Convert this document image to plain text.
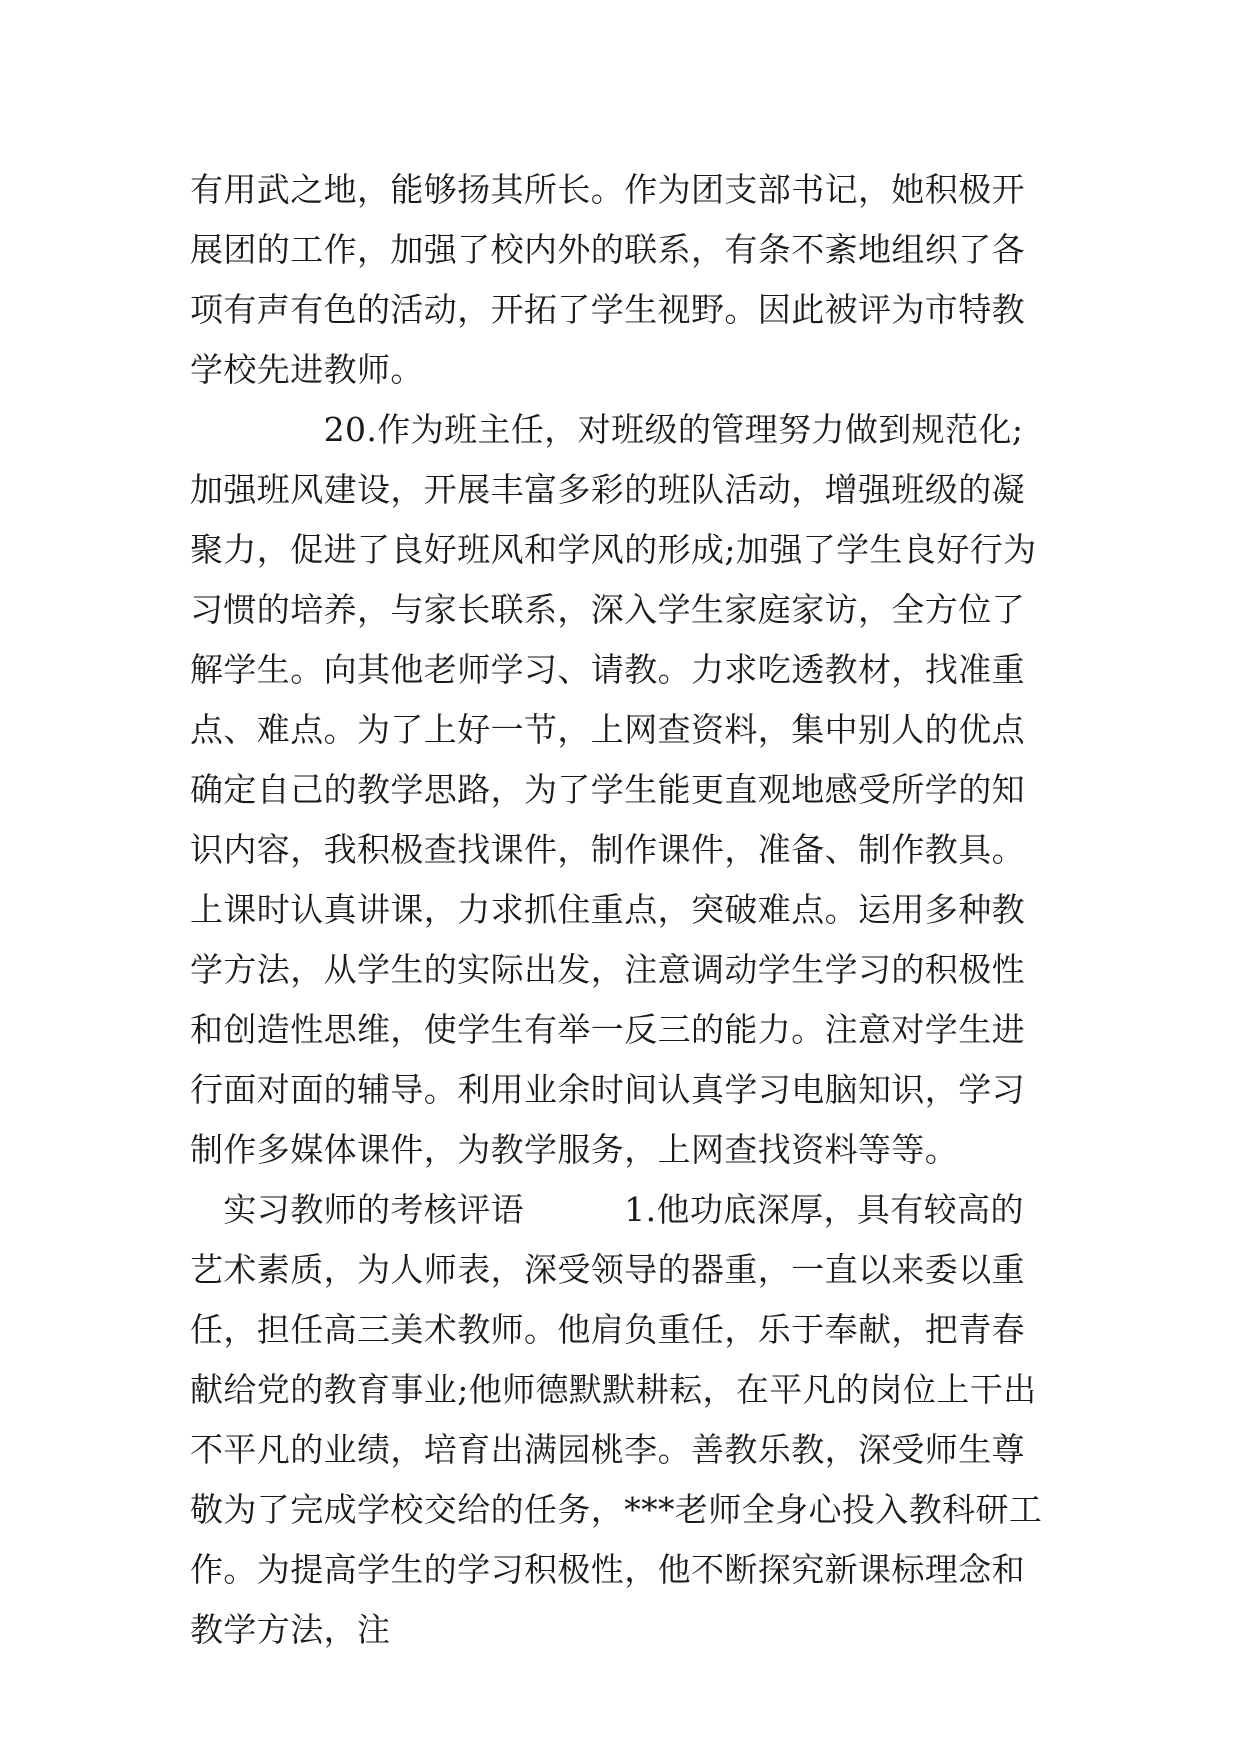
有用武之地，能够扬其所长。作为团支部书记，她积极开展团的工作，加强了校内外的联系，有条不紊地组织了各项有声有色的活动，开拓了学生视野。因此被评为市特教学校先进教师。

　　　　20.作为班主任，对班级的管理努力做到规范化;加强班风建设，开展丰富多彩的班队活动，增强班级的凝聚力，促进了良好班风和学风的形成;加强了学生良好行为习惯的培养，与家长联系，深入学生家庭家访，全方位了解学生。向其他老师学习、请教。力求吃透教材，找准重点、难点。为了上好一节，上网查资料，集中别人的优点确定自己的教学思路，为了学生能更直观地感受所学的知识内容，我积极查找课件，制作课件，准备、制作教具。上课时认真讲课，力求抓住重点，突破难点。运用多种教学方法，从学生的实际出发，注意调动学生学习的积极性和创造性思维，使学生有举一反三的能力。注意对学生进行面对面的辅导。利用业余时间认真学习电脑知识，学习制作多媒体课件，为教学服务，上网查找资料等等。

　实习教师的考核评语　　　1.他功底深厚，具有较高的艺术素质，为人师表，深受领导的器重，一直以来委以重任，担任高三美术教师。他肩负重任，乐于奉献，把青春献给党的教育事业;他师德默默耕耘，在平凡的岗位上干出不平凡的业绩，培育出满园桃李。善教乐教，深受师生尊敬为了完成学校交给的任务，***老师全身心投入教科研工作。为提高学生的学习积极性，他不断探究新课标理念和教学方法，注
